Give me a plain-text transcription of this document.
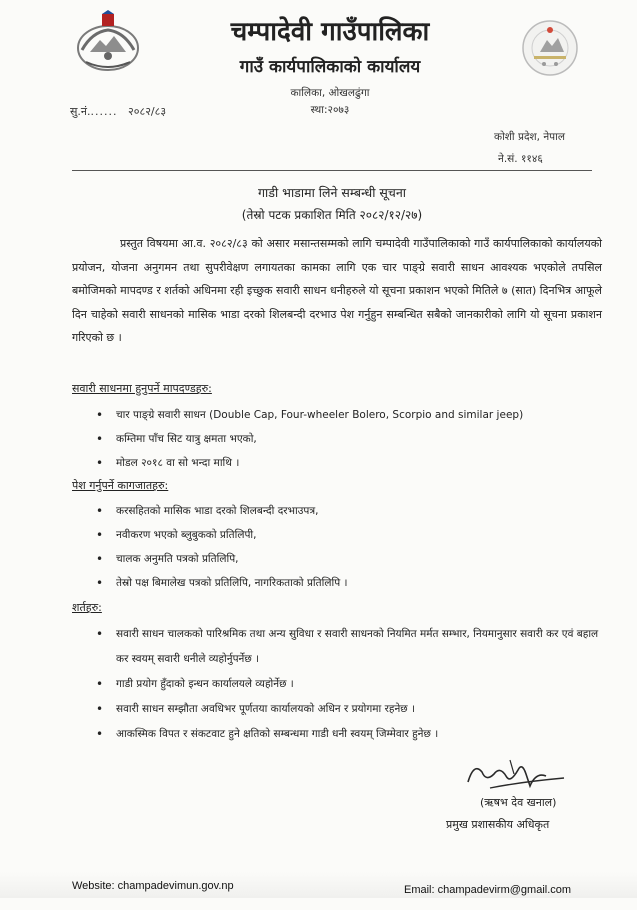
चम्पादेवी गाउँपालिका
गाउँ कार्यपालिकाको कार्यालय
कालिका, ओखलढुंगा
स्था:२०७३
सु.नं....... २०८२/८३
कोशी प्रदेश, नेपाल
ने.सं. ११४६
गाडी भाडामा लिने सम्बन्धी सूचना
(तेस्रो पटक प्रकाशित मिति २०८२/१२/२७)
प्रस्तुत विषयमा आ.व. २०८२/८३ को असार मसान्तसम्मको लागि चम्पादेवी गाउँपालिकाको गाउँ कार्यपालिकाको कार्यालयको प्रयोजन, योजना अनुगमन तथा सुपरीवेक्षण लगायतका कामका लागि एक चार पाङ्ग्रे सवारी साधन आवश्यक भएकोले तपसिल बमोजिमको मापदण्ड र शर्तको अधिनमा रही इच्छुक सवारी साधन धनीहरुले यो सूचना प्रकाशन भएको मितिले ७ (सात) दिनभित्र आफूले दिन चाहेको सवारी साधनको मासिक भाडा दरको शिलबन्दी दरभाउ पेश गर्नुहुन सम्बन्धित सबैको जानकारीको लागि यो सूचना प्रकाशन गरिएको छ ।
सवारी साधनमा हुनुपर्ने मापदण्डहरु:
• चार पाङ्ग्रे सवारी साधन (Double Cap, Four-wheeler Bolero, Scorpio and similar jeep)
• कम्तिमा पाँच सिट यात्रु क्षमता भएको,
• मोडल २०१८ वा सो भन्दा माथि ।
पेश गर्नुपर्ने कागजातहरु:
• करसहितको मासिक भाडा दरको शिलबन्दी दरभाउपत्र,
• नवीकरण भएको ब्लुबुकको प्रतिलिपी,
• चालक अनुमति पत्रको प्रतिलिपि,
• तेस्रो पक्ष बिमालेख पत्रको प्रतिलिपि, नागरिकताको प्रतिलिपि ।
शर्तहरु:
• सवारी साधन चालकको पारिश्रमिक तथा अन्य सुविधा र सवारी साधनको नियमित मर्मत सम्भार, नियमानुसार सवारी कर एवं बहाल कर स्वयम् सवारी धनीले व्यहोर्नुपर्नेछ ।
• गाडी प्रयोग हुँदाको इन्धन कार्यालयले व्यहोर्नेछ ।
• सवारी साधन सम्झौता अवधिभर पूर्णतया कार्यालयको अधिन र प्रयोगमा रहनेछ ।
• आकस्मिक विपत र संकटवाट हुने क्षतिको सम्बन्धमा गाडी धनी स्वयम् जिम्मेवार हुनेछ ।
(ऋषभ देव खनाल)
प्रमुख प्रशासकीय अधिकृत
Website: champadevimun.gov.np	Email: champadevirm@gmail.com
